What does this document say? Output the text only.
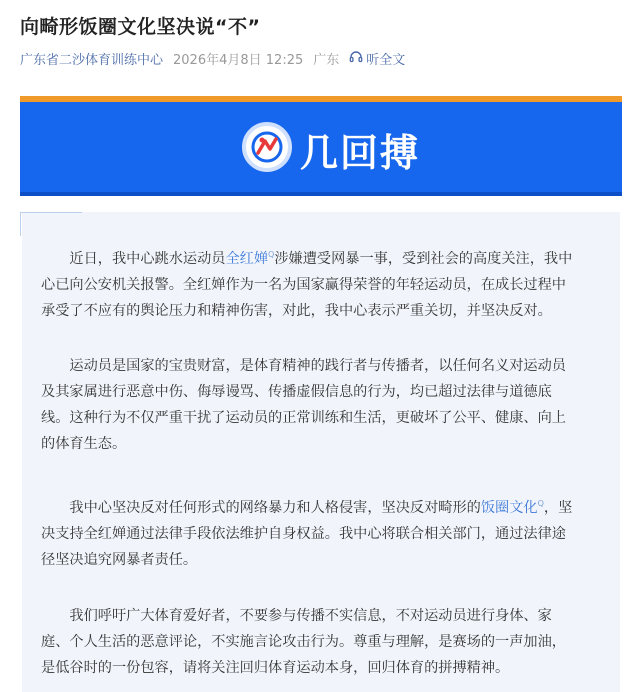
向畸形饭圈文化坚决说“不”
广东省二沙体育训练中心 2026年4月8日 12:25 广东 听全文
几回搏
　　近日，我中心跳水运动员全红婵$^Q$涉嫌遭受网暴一事，受到社会的高度关注，我中
心已向公安机关报警。全红婵作为一名为国家赢得荣誉的年轻运动员，在成长过程中
承受了不应有的舆论压力和精神伤害，对此，我中心表示严重关切，并坚决反对。
　　运动员是国家的宝贵财富，是体育精神的践行者与传播者，以任何名义对运动员
及其家属进行恶意中伤、侮辱谩骂、传播虚假信息的行为，均已超过法律与道德底
线。这种行为不仅严重干扰了运动员的正常训练和生活，更破坏了公平、健康、向上
的体育生态。
　　我中心坚决反对任何形式的网络暴力和人格侵害，坚决反对畸形的饭圈文化$^Q$，坚
决支持全红婵通过法律手段依法维护自身权益。我中心将联合相关部门，通过法律途
径坚决追究网暴者责任。
　　我们呼吁广大体育爱好者，不要参与传播不实信息，不对运动员进行身体、家
庭、个人生活的恶意评论，不实施言论攻击行为。尊重与理解，是赛场的一声加油，
是低谷时的一份包容，请将关注回归体育运动本身，回归体育的拼搏精神。
